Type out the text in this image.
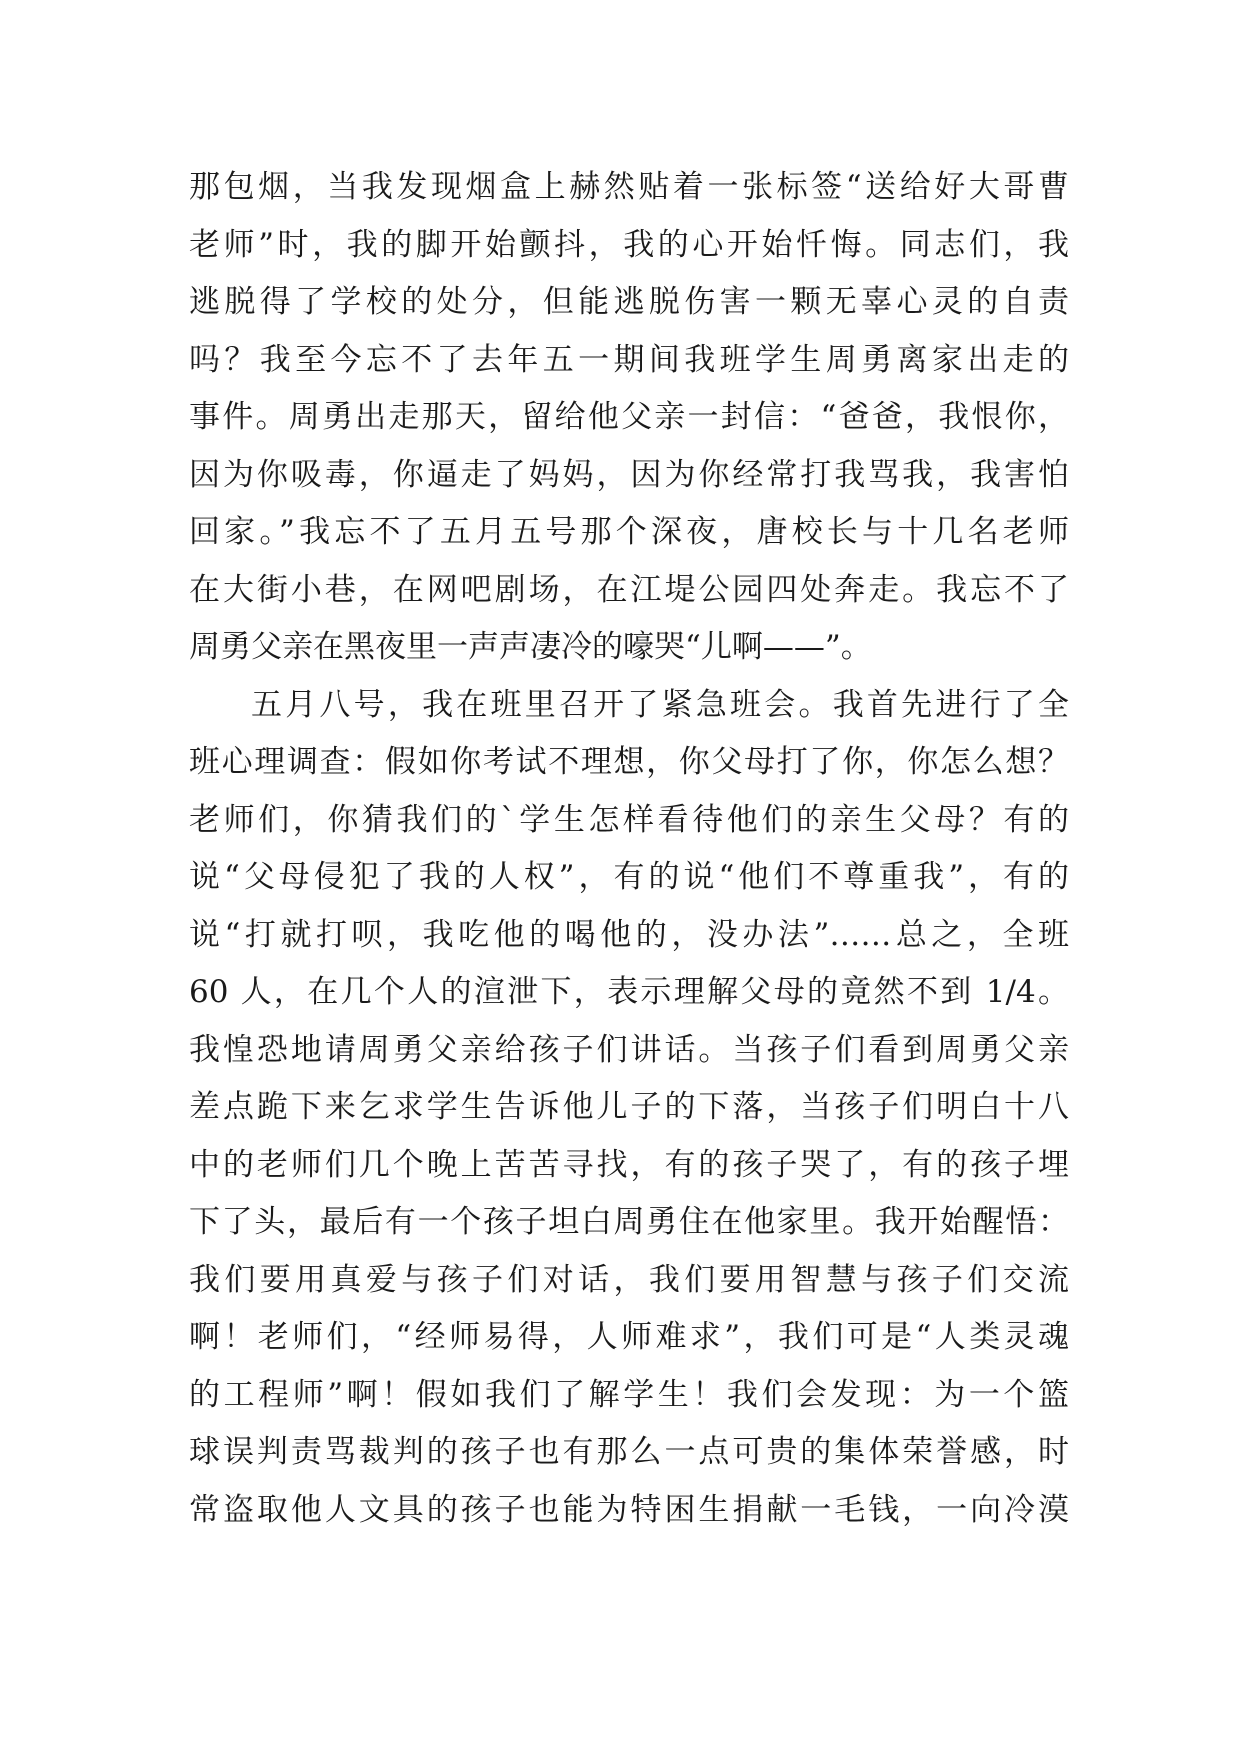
那包烟，当我发现烟盒上赫然贴着一张标签“送给好大哥曹
老师”时，我的脚开始颤抖，我的心开始忏悔。同志们，我
逃脱得了学校的处分，但能逃脱伤害一颗无辜心灵的自责
吗？我至今忘不了去年五一期间我班学生周勇离家出走的
事件。周勇出走那天，留给他父亲一封信：“爸爸，我恨你，
因为你吸毒，你逼走了妈妈，因为你经常打我骂我，我害怕
回家。”我忘不了五月五号那个深夜，唐校长与十几名老师
在大街小巷，在网吧剧场，在江堤公园四处奔走。我忘不了
周勇父亲在黑夜里一声声凄冷的嚎哭“儿啊——”。
五月八号，我在班里召开了紧急班会。我首先进行了全
班心理调查：假如你考试不理想，你父母打了你，你怎么想？
老师们，你猜我们的`学生怎样看待他们的亲生父母？有的
说“父母侵犯了我的人权”，有的说“他们不尊重我”，有的
说“打就打呗，我吃他的喝他的，没办法”……总之，全班
60 人，在几个人的渲泄下，表示理解父母的竟然不到 1/4。
我惶恐地请周勇父亲给孩子们讲话。当孩子们看到周勇父亲
差点跪下来乞求学生告诉他儿子的下落，当孩子们明白十八
中的老师们几个晚上苦苦寻找，有的孩子哭了，有的孩子埋
下了头，最后有一个孩子坦白周勇住在他家里。我开始醒悟：
我们要用真爱与孩子们对话，我们要用智慧与孩子们交流
啊！老师们，“经师易得，人师难求”，我们可是“人类灵魂
的工程师”啊！假如我们了解学生！我们会发现：为一个篮
球误判责骂裁判的孩子也有那么一点可贵的集体荣誉感，时
常盗取他人文具的孩子也能为特困生捐献一毛钱，一向冷漠
